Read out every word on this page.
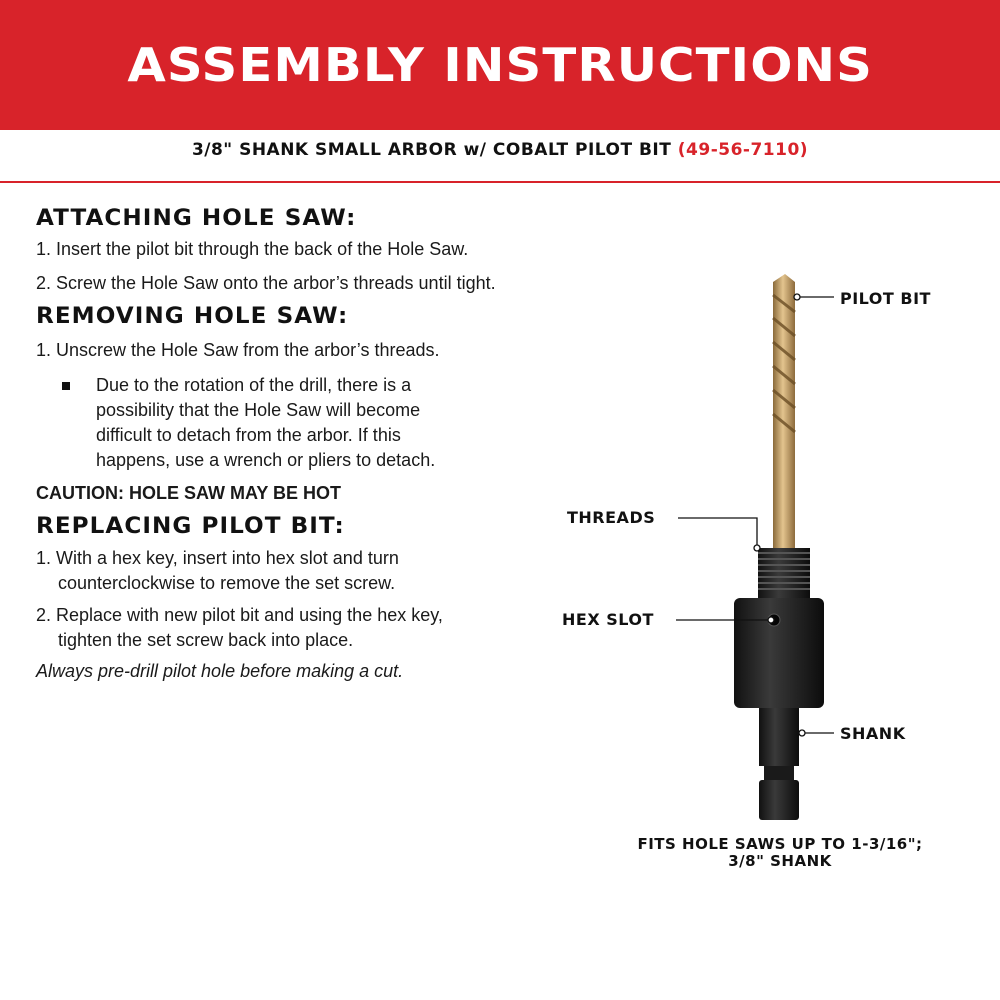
ASSEMBLY INSTRUCTIONS
3/8" SHANK SMALL ARBOR w/ COBALT PILOT BIT (49-56-7110)
ATTACHING HOLE SAW:

1. Insert the pilot bit through the back of the Hole Saw.

2. Screw the Hole Saw onto the arbor’s threads until tight.

REMOVING HOLE SAW:

1. Unscrew the Hole Saw from the arbor’s threads.

Due to the rotation of the drill, there is a
possibility that the Hole Saw will become
difficult to detach from the arbor. If this
happens, use a wrench or pliers to detach.

CAUTION: HOLE SAW MAY BE HOT

REPLACING PILOT BIT:

1. With a hex key, insert into hex slot and turn
counterclockwise to remove the set screw.

2. Replace with new pilot bit and using the hex key,
tighten the set screw back into place.

Always pre-drill pilot hole before making a cut.

PILOT BIT
THREADS
HEX SLOT
SHANK
FITS HOLE SAWS UP TO 1-3/16";
3/8" SHANK
